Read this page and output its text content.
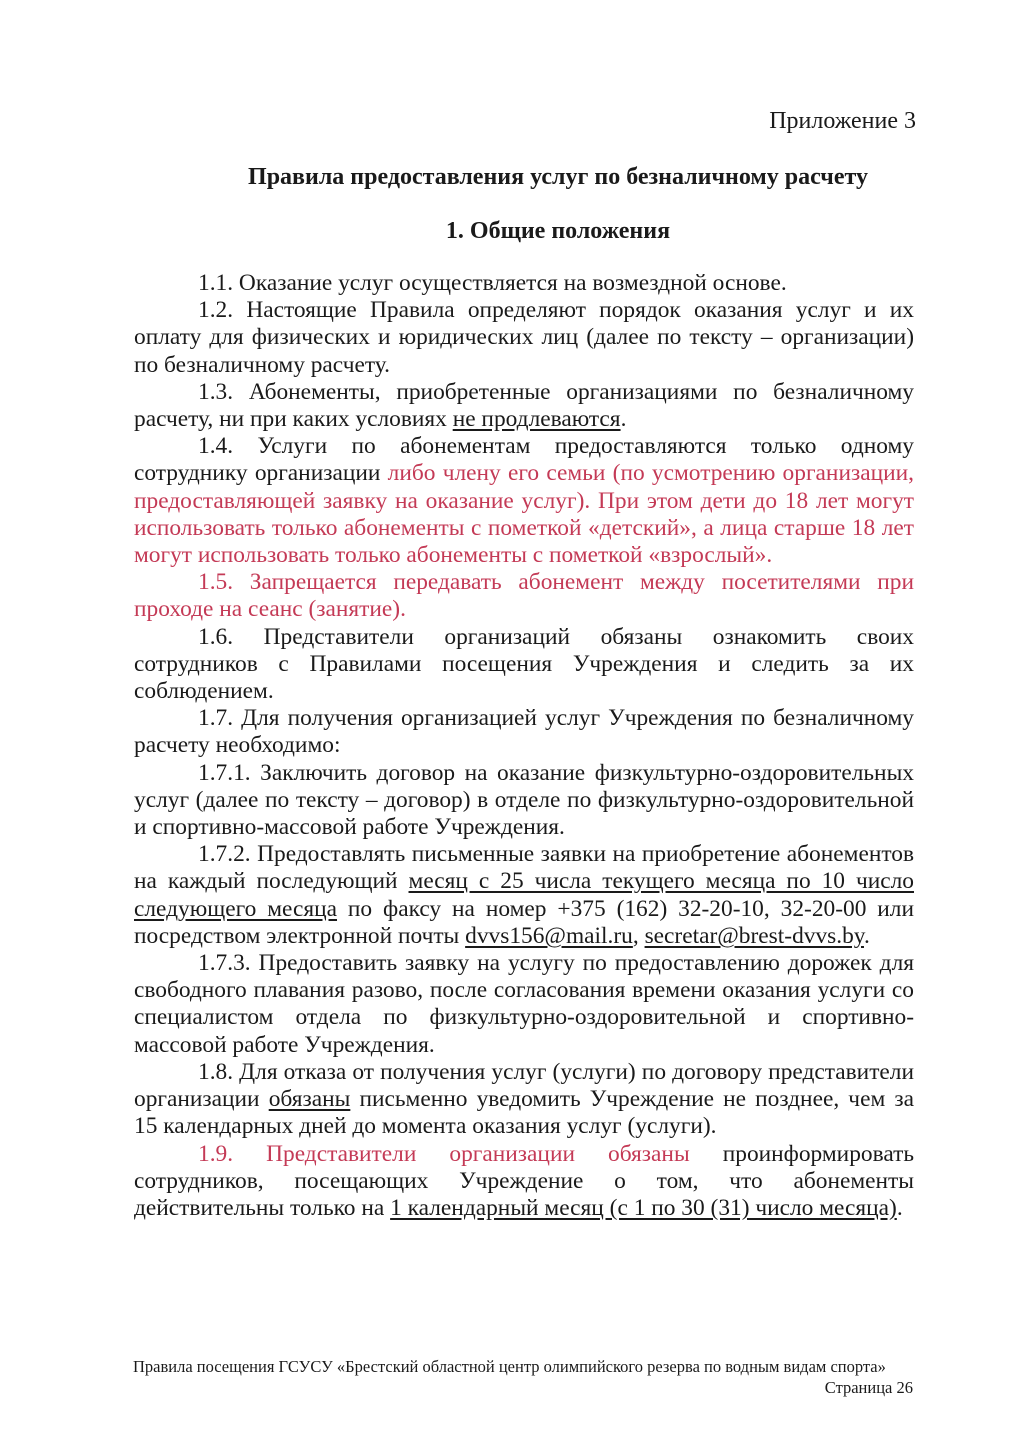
Приложение 3
Правила предоставления услуг по безналичному расчету
1. Общие положения

1.1. Оказание услуг осуществляется на возмездной основе.

1.2. Настоящие Правила определяют порядок оказания услуг и их оплату для физических и юридических лиц (далее по тексту – организации) по безналичному расчету.

1.3. Абонементы, приобретенные организациями по безналичному расчету, ни при каких условиях не продлеваются.

1.4. Услуги по абонементам предоставляются только одному сотруднику организации либо члену его семьи (по усмотрению организации, предоставляющей заявку на оказание услуг). При этом дети до 18 лет могут использовать только абонементы с пометкой «детский», а лица старше 18 лет могут использовать только абонементы с пометкой «взрослый».

1.5. Запрещается передавать абонемент между посетителями при проходе на сеанс (занятие).

1.6. Представители организаций обязаны ознакомить своих сотрудников с Правилами посещения Учреждения и следить за их соблюдением.

1.7. Для получения организацией услуг Учреждения по безналичному расчету необходимо:

1.7.1. Заключить договор на оказание физкультурно-оздоровительных услуг (далее по тексту – договор) в отделе по физкультурно-оздоровительной и спортивно-массовой работе Учреждения.

1.7.2. Предоставлять письменные заявки на приобретение абонементов на каждый последующий месяц с 25 числа текущего месяца по 10 число следующего месяца по факсу на номер +375 (162) 32-20-10, 32-20-00 или посредством электронной почты dvvs156@mail.ru, secretar@brest-dvvs.by.

1.7.3. Предоставить заявку на услугу по предоставлению дорожек для свободного плавания разово, после согласования времени оказания услуги со специалистом отдела по физкультурно-оздоровительной и спортивно-массовой работе Учреждения.

1.8. Для отказа от получения услуг (услуги) по договору представители организации обязаны письменно уведомить Учреждение не позднее, чем за 15 календарных дней до момента оказания услуг (услуги).

1.9. Представители организации обязаны проинформировать сотрудников, посещающих Учреждение о том, что абонементы действительны только на 1 календарный месяц (с 1 по 30 (31) число месяца).

Правила посещения ГСУСУ «Брестский областной центр олимпийского резерва по водным видам спорта»
Страница 26
